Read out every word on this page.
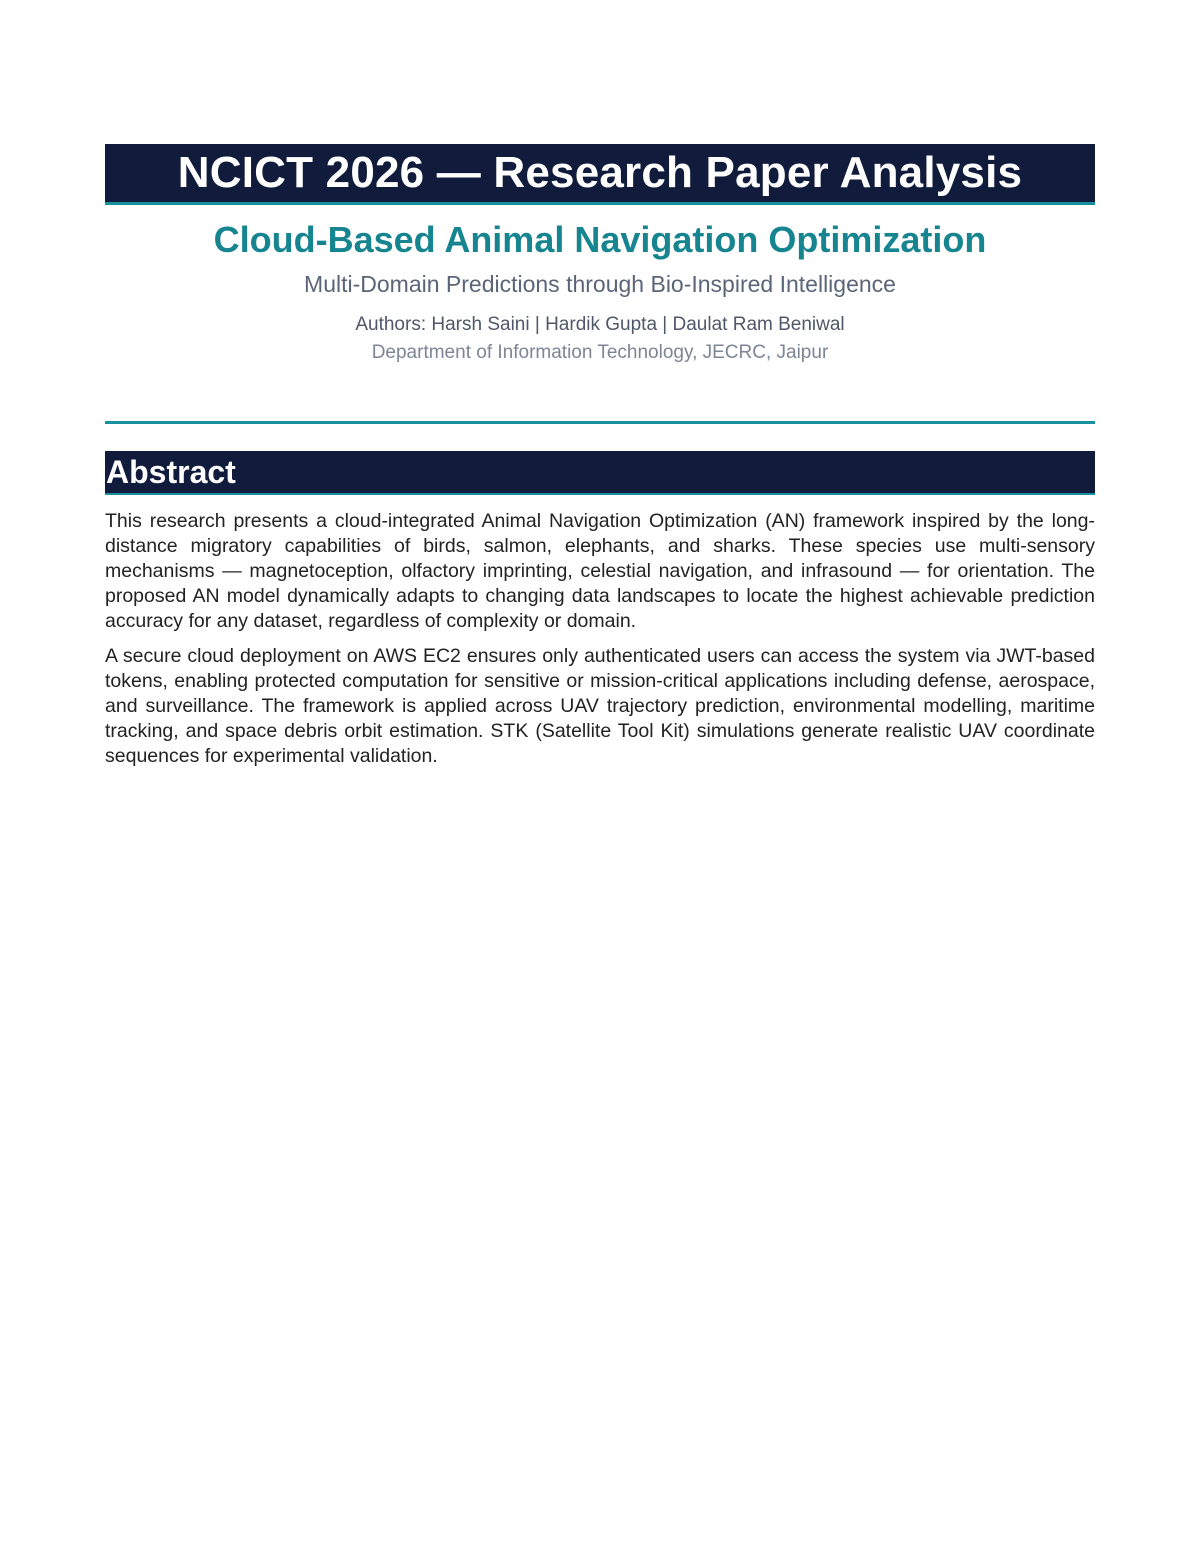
NCICT 2026 — Research Paper Analysis
Cloud-Based Animal Navigation Optimization
Multi-Domain Predictions through Bio-Inspired Intelligence
Authors: Harsh Saini | Hardik Gupta | Daulat Ram Beniwal
Department of Information Technology, JECRC, Jaipur
Abstract

This research presents a cloud-integrated Animal Navigation Optimization (AN) framework inspired by the long-distance migratory capabilities of birds, salmon, elephants, and sharks. These species use multi-sensory mechanisms — magnetoception, olfactory imprinting, celestial navigation, and infrasound — for orientation. The proposed AN model dynamically adapts to changing data landscapes to locate the highest achievable prediction accuracy for any dataset, regardless of complexity or domain.

A secure cloud deployment on AWS EC2 ensures only authenticated users can access the system via JWT-based tokens, enabling protected computation for sensitive or mission-critical applications including defense, aerospace, and surveillance. The framework is applied across UAV trajectory prediction, environmental modelling, maritime tracking, and space debris orbit estimation. STK (Satellite Tool Kit) simulations generate realistic UAV coordinate sequences for experimental validation.
